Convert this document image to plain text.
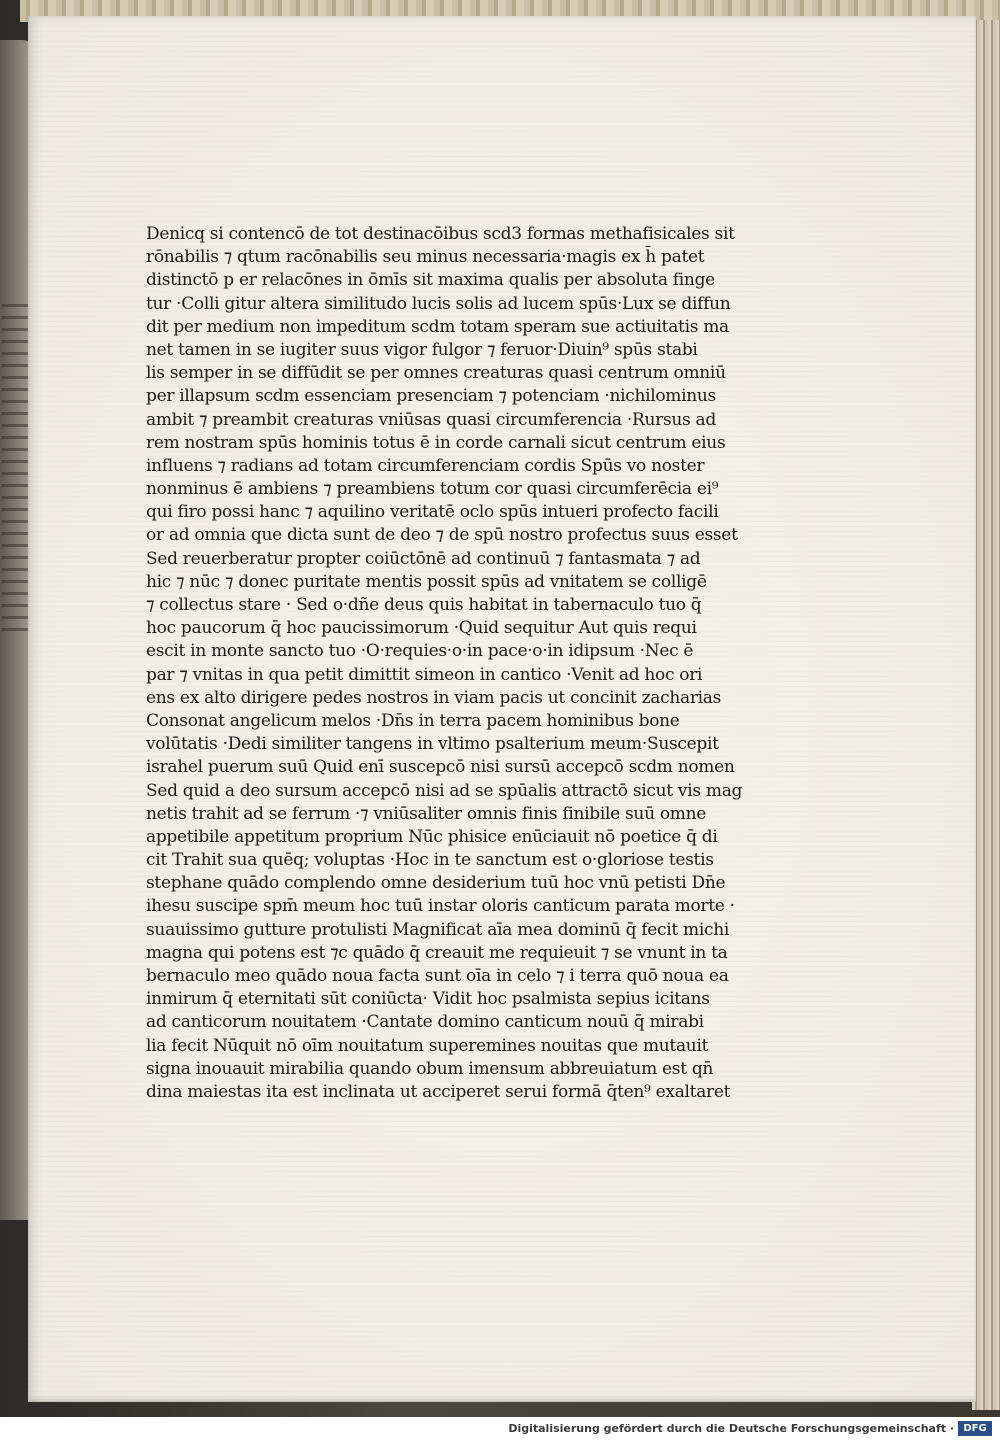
Denicq si contencō de tot destinacōibus scd3 formas methafisicales sit
rōnabilis ⁊ qtum racōnabilis seu minus necessaria·magis ex h̄ patet
distinctō p er relacōnes in ōmīs sit maxima qualis per absoluta finge
tur ·Colli gitur altera similitudo lucis solis ad lucem spūs·Lux se diffun
dit per medium non impeditum scdm totam speram sue actiuitatis ma
net tamen in se iugiter suus vigor fulgor ⁊ feruor·Diuin⁹ spūs stabi
lis semper in se diffūdit se per omnes creaturas quasi centrum omniū
per illapsum scdm essenciam presenciam ⁊ potenciam ·nichilominus
ambit ⁊ preambit creaturas vniūsas quasi circumferencia ·Rursus ad
rem nostram spūs hominis totus ē in corde carnali sicut centrum eius
influens ⁊ radians ad totam circumferenciam cordis Spūs vo noster
nonminus ē ambiens ⁊ preambiens totum cor quasi circumferēcia ei⁹
qui firo possi hanc ⁊ aquilino veritatē oclo spūs intueri profecto facili
or ad omnia que dicta sunt de deo ⁊ de spū nostro profectus suus esset
Sed reuerberatur propter coiūctōnē ad continuū ⁊ fantasmata ⁊ ad
hic ⁊ nūc ⁊ donec puritate mentis possit spūs ad vnitatem se colligē
⁊ collectus stare · Sed o·dñe deus quis habitat in tabernaculo tuo q̄
hoc paucorum q̄ hoc paucissimorum ·Quid sequitur Aut quis requi
escit in monte sancto tuo ·O·requies·o·in pace·o·in idipsum ·Nec ē
par ⁊ vnitas in qua petit dimittit simeon in cantico ·Venit ad hoc ori
ens ex alto dirigere pedes nostros in viam pacis ut concinit zacharias
Consonat angelicum melos ·Dn̄s in terra pacem hominibus bone
volūtatis ·Dedi similiter tangens in vltimo psalterium meum·Suscepit
israhel puerum suū Quid enī suscepcō nisi sursū accepcō scdm nomen
Sed quid a deo sursum accepcō nisi ad se spūalis attractō sicut vis mag
netis trahit ad se ferrum ·⁊ vniūsaliter omnis finis finibile suū omne
appetibile appetitum proprium Nūc phisice enūciauit nō poetice q̄ di
cit Trahit sua quēq; voluptas ·Hoc in te sanctum est o·gloriose testis
stephane quādo complendo omne desiderium tuū hoc vnū petisti Dn̄e
ihesu suscipe spm̄ meum hoc tuū instar oloris canticum parata morte ·
suauissimo gutture protulisti Magnificat aīa mea dominū q̄ fecit michi
magna qui potens est ⁊c quādo q̄ creauit me requieuit ⁊ se vnunt in ta
bernaculo meo quādo noua facta sunt oīa in celo ⁊ i terra quō noua ea
inmirum q̄ eternitati sūt coniūcta· Vidit hoc psalmista sepius icitans
ad canticorum nouitatem ·Cantate domino canticum nouū q̄ mirabi
lia fecit Nūquit nō oīm nouitatum superemines nouitas que mutauit
signa inouauit mirabilia quando obum imensum abbreuiatum est qn̄
dina maiestas ita est inclinata ut acciperet serui formā q̄ten⁹ exaltaret
Digitalisierung gefördert durch die Deutsche Forschungsgemeinschaft · DFG
